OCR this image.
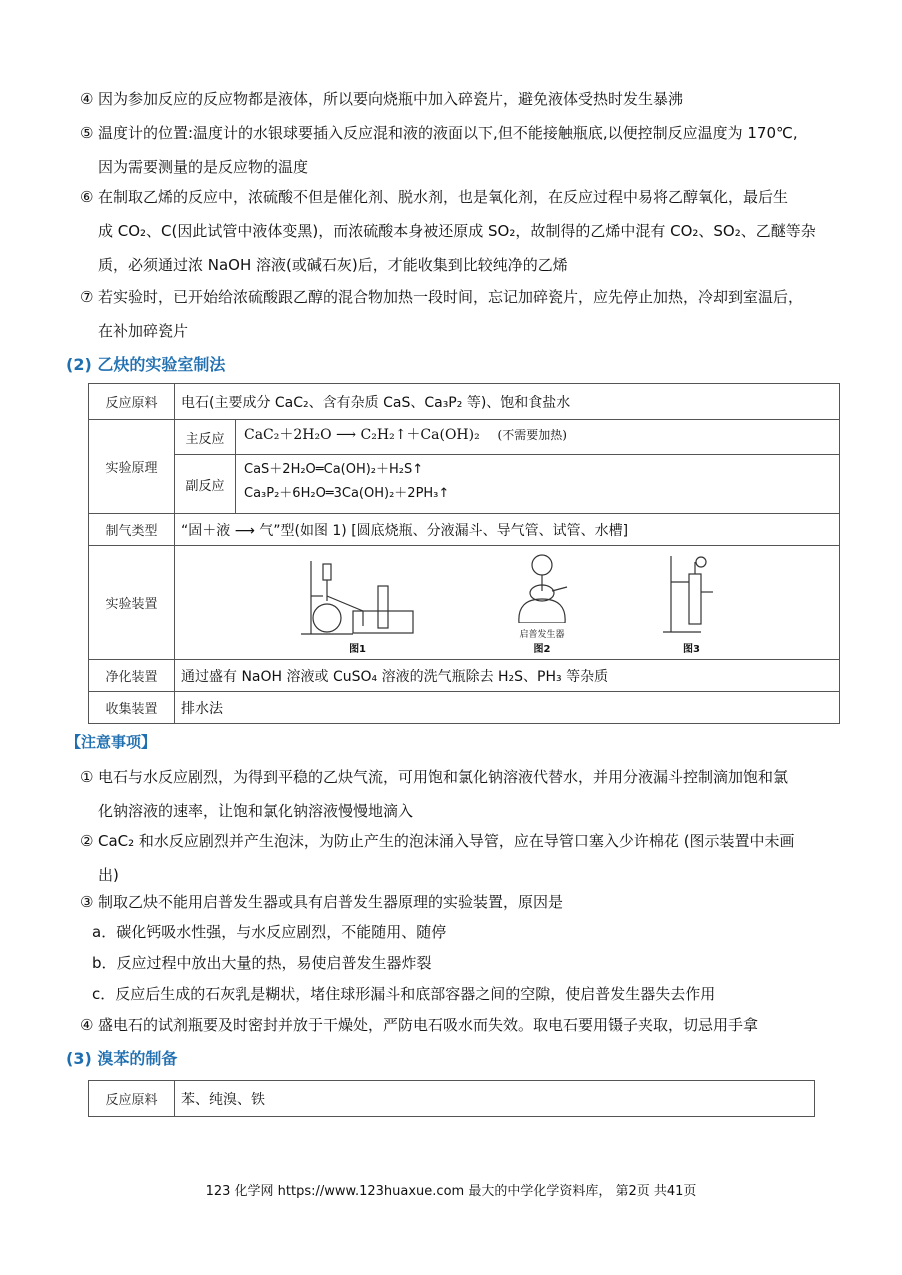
④ 因为参加反应的反应物都是液体，所以要向烧瓶中加入碎瓷片，避免液体受热时发生暴沸
⑤ 温度计的位置:温度计的水银球要插入反应混和液的液面以下,但不能接触瓶底,以便控制反应温度为 170℃,
因为需要测量的是反应物的温度
⑥ 在制取乙烯的反应中，浓硫酸不但是催化剂、脱水剂，也是氧化剂，在反应过程中易将乙醇氧化，最后生
成 CO₂、C(因此试管中液体变黑)，而浓硫酸本身被还原成 SO₂，故制得的乙烯中混有 CO₂、SO₂、乙醚等杂
质，必须通过浓 NaOH 溶液(或碱石灰)后，才能收集到比较纯净的乙烯
⑦ 若实验时，已开始给浓硫酸跟乙醇的混合物加热一段时间，忘记加碎瓷片，应先停止加热，冷却到室温后，
在补加碎瓷片
(2) 乙炔的实验室制法
反应原料	电石(主要成分 CaC₂、含有杂质 CaS、Ca₃P₂ 等)、饱和食盐水
实验原理	主反应 CaC₂＋2H₂O ⟶ C₂H₂↑＋Ca(OH)₂ (不需要加热)
副反应
CaS＋2H₂O═Ca(OH)₂＋H₂S↑
Ca₃P₂＋6H₂O═3Ca(OH)₂＋2PH₃↑

制气类型	“固＋液 ⟶ 气”型(如图 1) [圆底烧瓶、分液漏斗、导气管、试管、水槽]
实验装置	图1

启普发生器
图2
图3

净化装置	通过盛有 NaOH 溶液或 CuSO₄ 溶液的洗气瓶除去 H₂S、PH₃ 等杂质
收集装置	排水法
【注意事项】
① 电石与水反应剧烈，为得到平稳的乙炔气流，可用饱和氯化钠溶液代替水，并用分液漏斗控制滴加饱和氯
化钠溶液的速率，让饱和氯化钠溶液慢慢地滴入
② CaC₂ 和水反应剧烈并产生泡沫，为防止产生的泡沫涌入导管，应在导管口塞入少许棉花 (图示装置中未画
出)
③ 制取乙炔不能用启普发生器或具有启普发生器原理的实验装置，原因是
a．碳化钙吸水性强，与水反应剧烈，不能随用、随停
b．反应过程中放出大量的热，易使启普发生器炸裂
c．反应后生成的石灰乳是糊状，堵住球形漏斗和底部容器之间的空隙，使启普发生器失去作用
④ 盛电石的试剂瓶要及时密封并放于干燥处，严防电石吸水而失效。取电石要用镊子夹取，切忌用手拿
(3) 溴苯的制备
反应原料	苯、纯溴、铁
123 化学网 https://www.123huaxue.com 最大的中学化学资料库， 第2页 共41页
